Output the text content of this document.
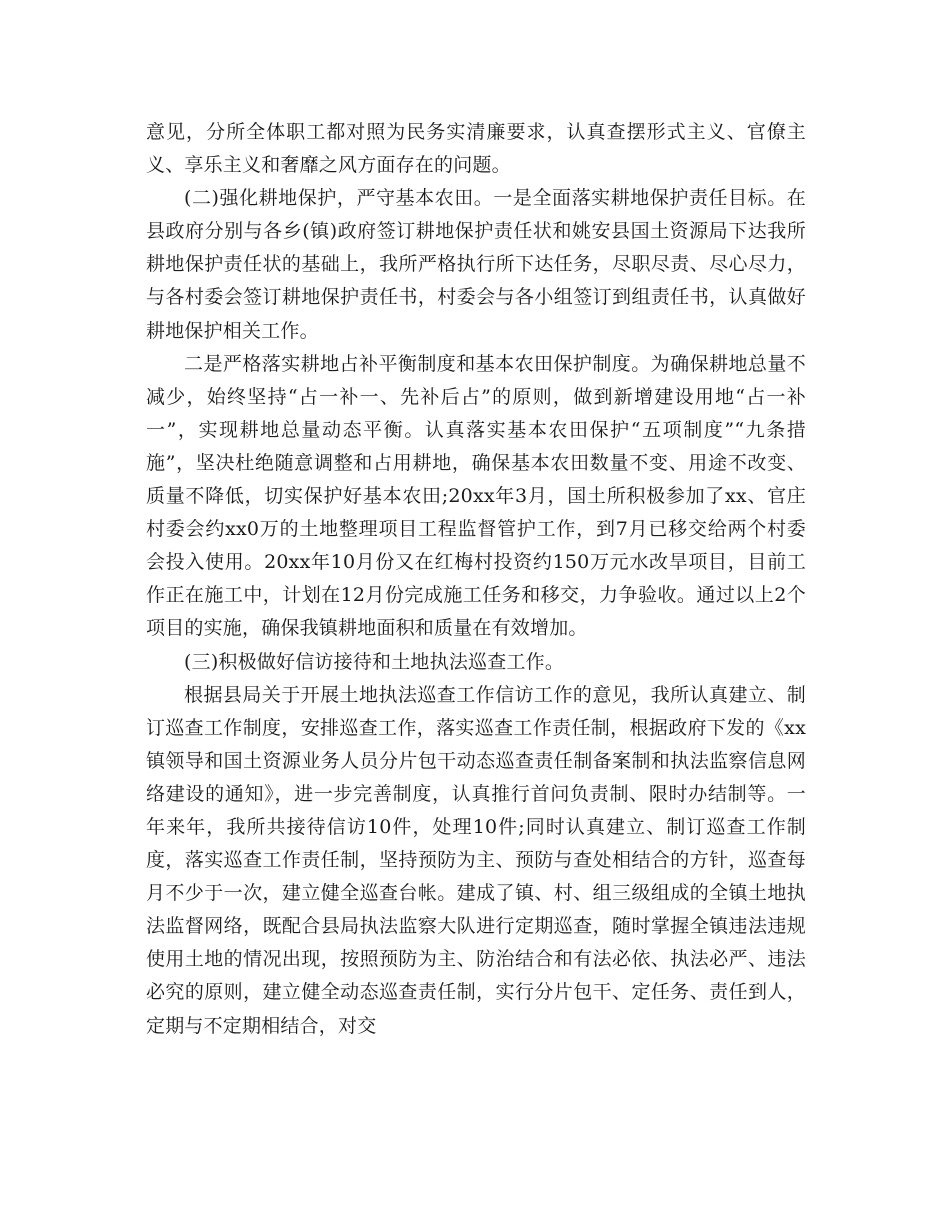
意见，分所全体职工都对照为民务实清廉要求，认真查摆形式主义、官僚主义、享乐主义和奢靡之风方面存在的问题。

(二)强化耕地保护，严守基本农田。一是全面落实耕地保护责任目标。在县政府分别与各乡(镇)政府签订耕地保护责任状和姚安县国土资源局下达我所耕地保护责任状的基础上，我所严格执行所下达任务，尽职尽责、尽心尽力，与各村委会签订耕地保护责任书，村委会与各小组签订到组责任书，认真做好耕地保护相关工作。

二是严格落实耕地占补平衡制度和基本农田保护制度。为确保耕地总量不减少，始终坚持“占一补一、先补后占”的原则，做到新增建设用地“占一补一”，实现耕地总量动态平衡。认真落实基本农田保护“五项制度”“九条措施”，坚决杜绝随意调整和占用耕地，确保基本农田数量不变、用途不改变、质量不降低，切实保护好基本农田;20xx年3月，国土所积极参加了xx、官庄村委会约xx0万的土地整理项目工程监督管护工作，到7月已移交给两个村委会投入使用。20xx年10月份又在红梅村投资约150万元水改旱项目，目前工作正在施工中，计划在12月份完成施工任务和移交，力争验收。通过以上2个项目的实施，确保我镇耕地面积和质量在有效增加。

(三)积极做好信访接待和土地执法巡查工作。

根据县局关于开展土地执法巡查工作信访工作的意见，我所认真建立、制订巡查工作制度，安排巡查工作，落实巡查工作责任制，根据政府下发的《xx镇领导和国土资源业务人员分片包干动态巡查责任制备案制和执法监察信息网络建设的通知》，进一步完善制度，认真推行首问负责制、限时办结制等。一年来年，我所共接待信访10件，处理10件;同时认真建立、制订巡查工作制度，落实巡查工作责任制，坚持预防为主、预防与查处相结合的方针，巡查每月不少于一次，建立健全巡查台帐。建成了镇、村、组三级组成的全镇土地执法监督网络，既配合县局执法监察大队进行定期巡查，随时掌握全镇违法违规使用土地的情况出现，按照预防为主、防治结合和有法必依、执法必严、违法必究的原则，建立健全动态巡查责任制，实行分片包干、定任务、责任到人，定期与不定期相结合，对交
